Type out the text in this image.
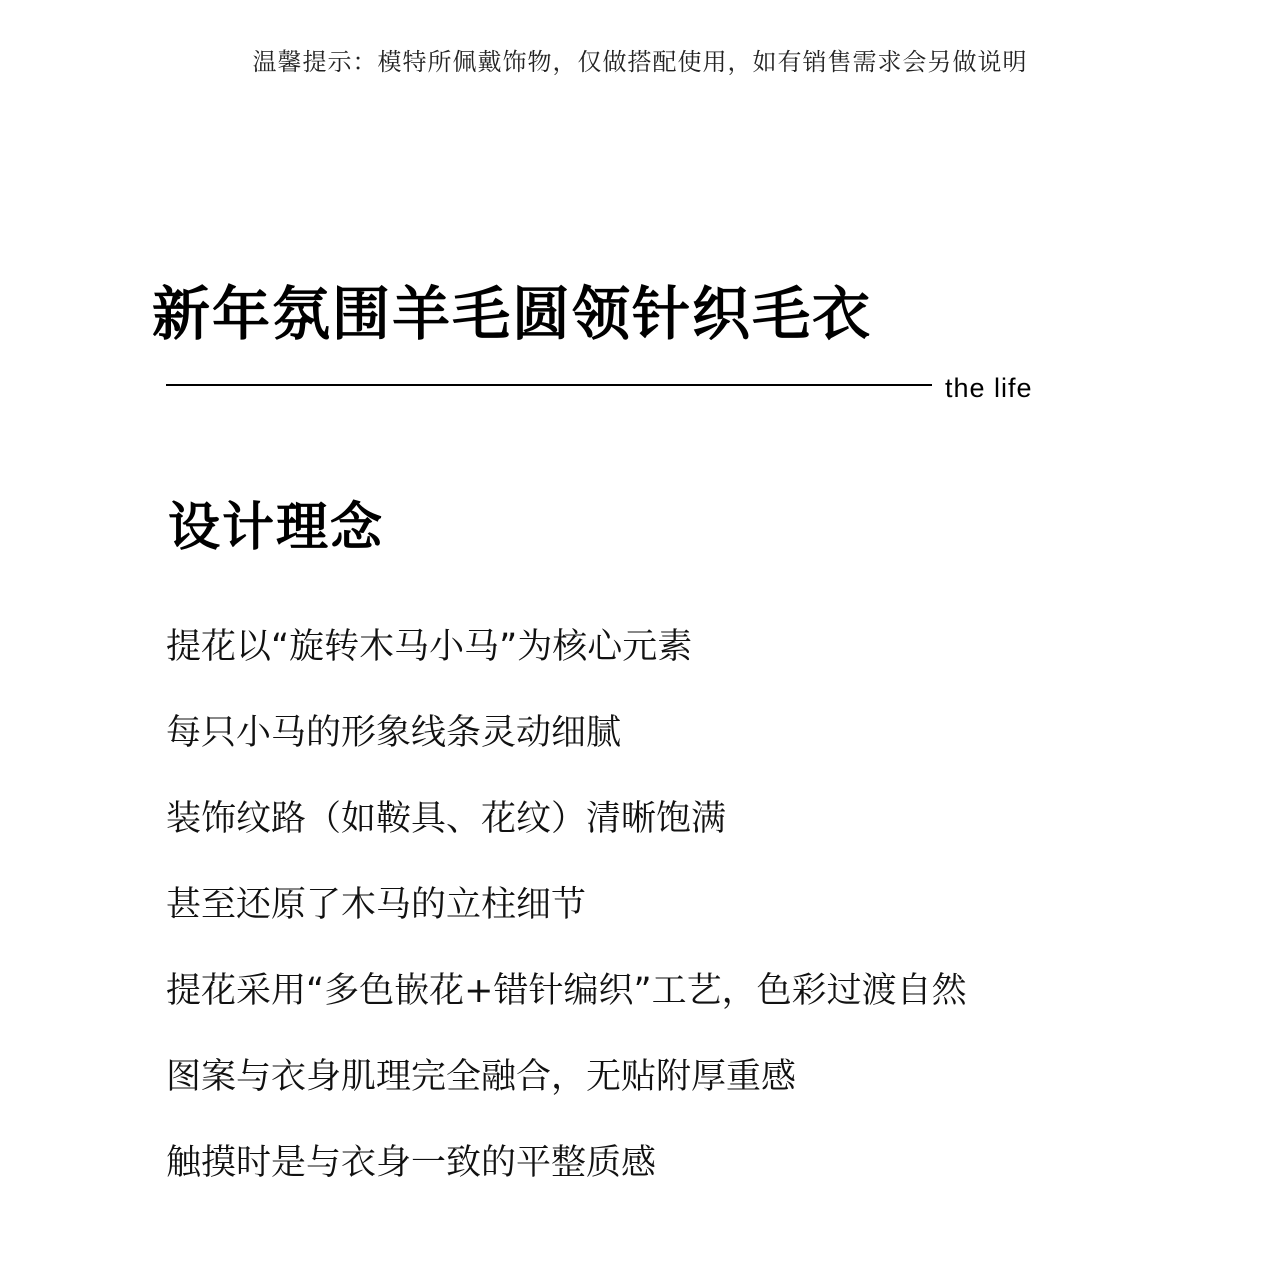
温馨提示：模特所佩戴饰物，仅做搭配使用，如有销售需求会另做说明
新年氛围羊毛圆领针织毛衣
the life
设计理念
提花以“旋转木马小马”为核心元素
每只小马的形象线条灵动细腻
装饰纹路（如鞍具、花纹）清晰饱满
甚至还原了木马的立柱细节
提花采用“多色嵌花+错针编织”工艺，色彩过渡自然
图案与衣身肌理完全融合，无贴附厚重感
触摸时是与衣身一致的平整质感
